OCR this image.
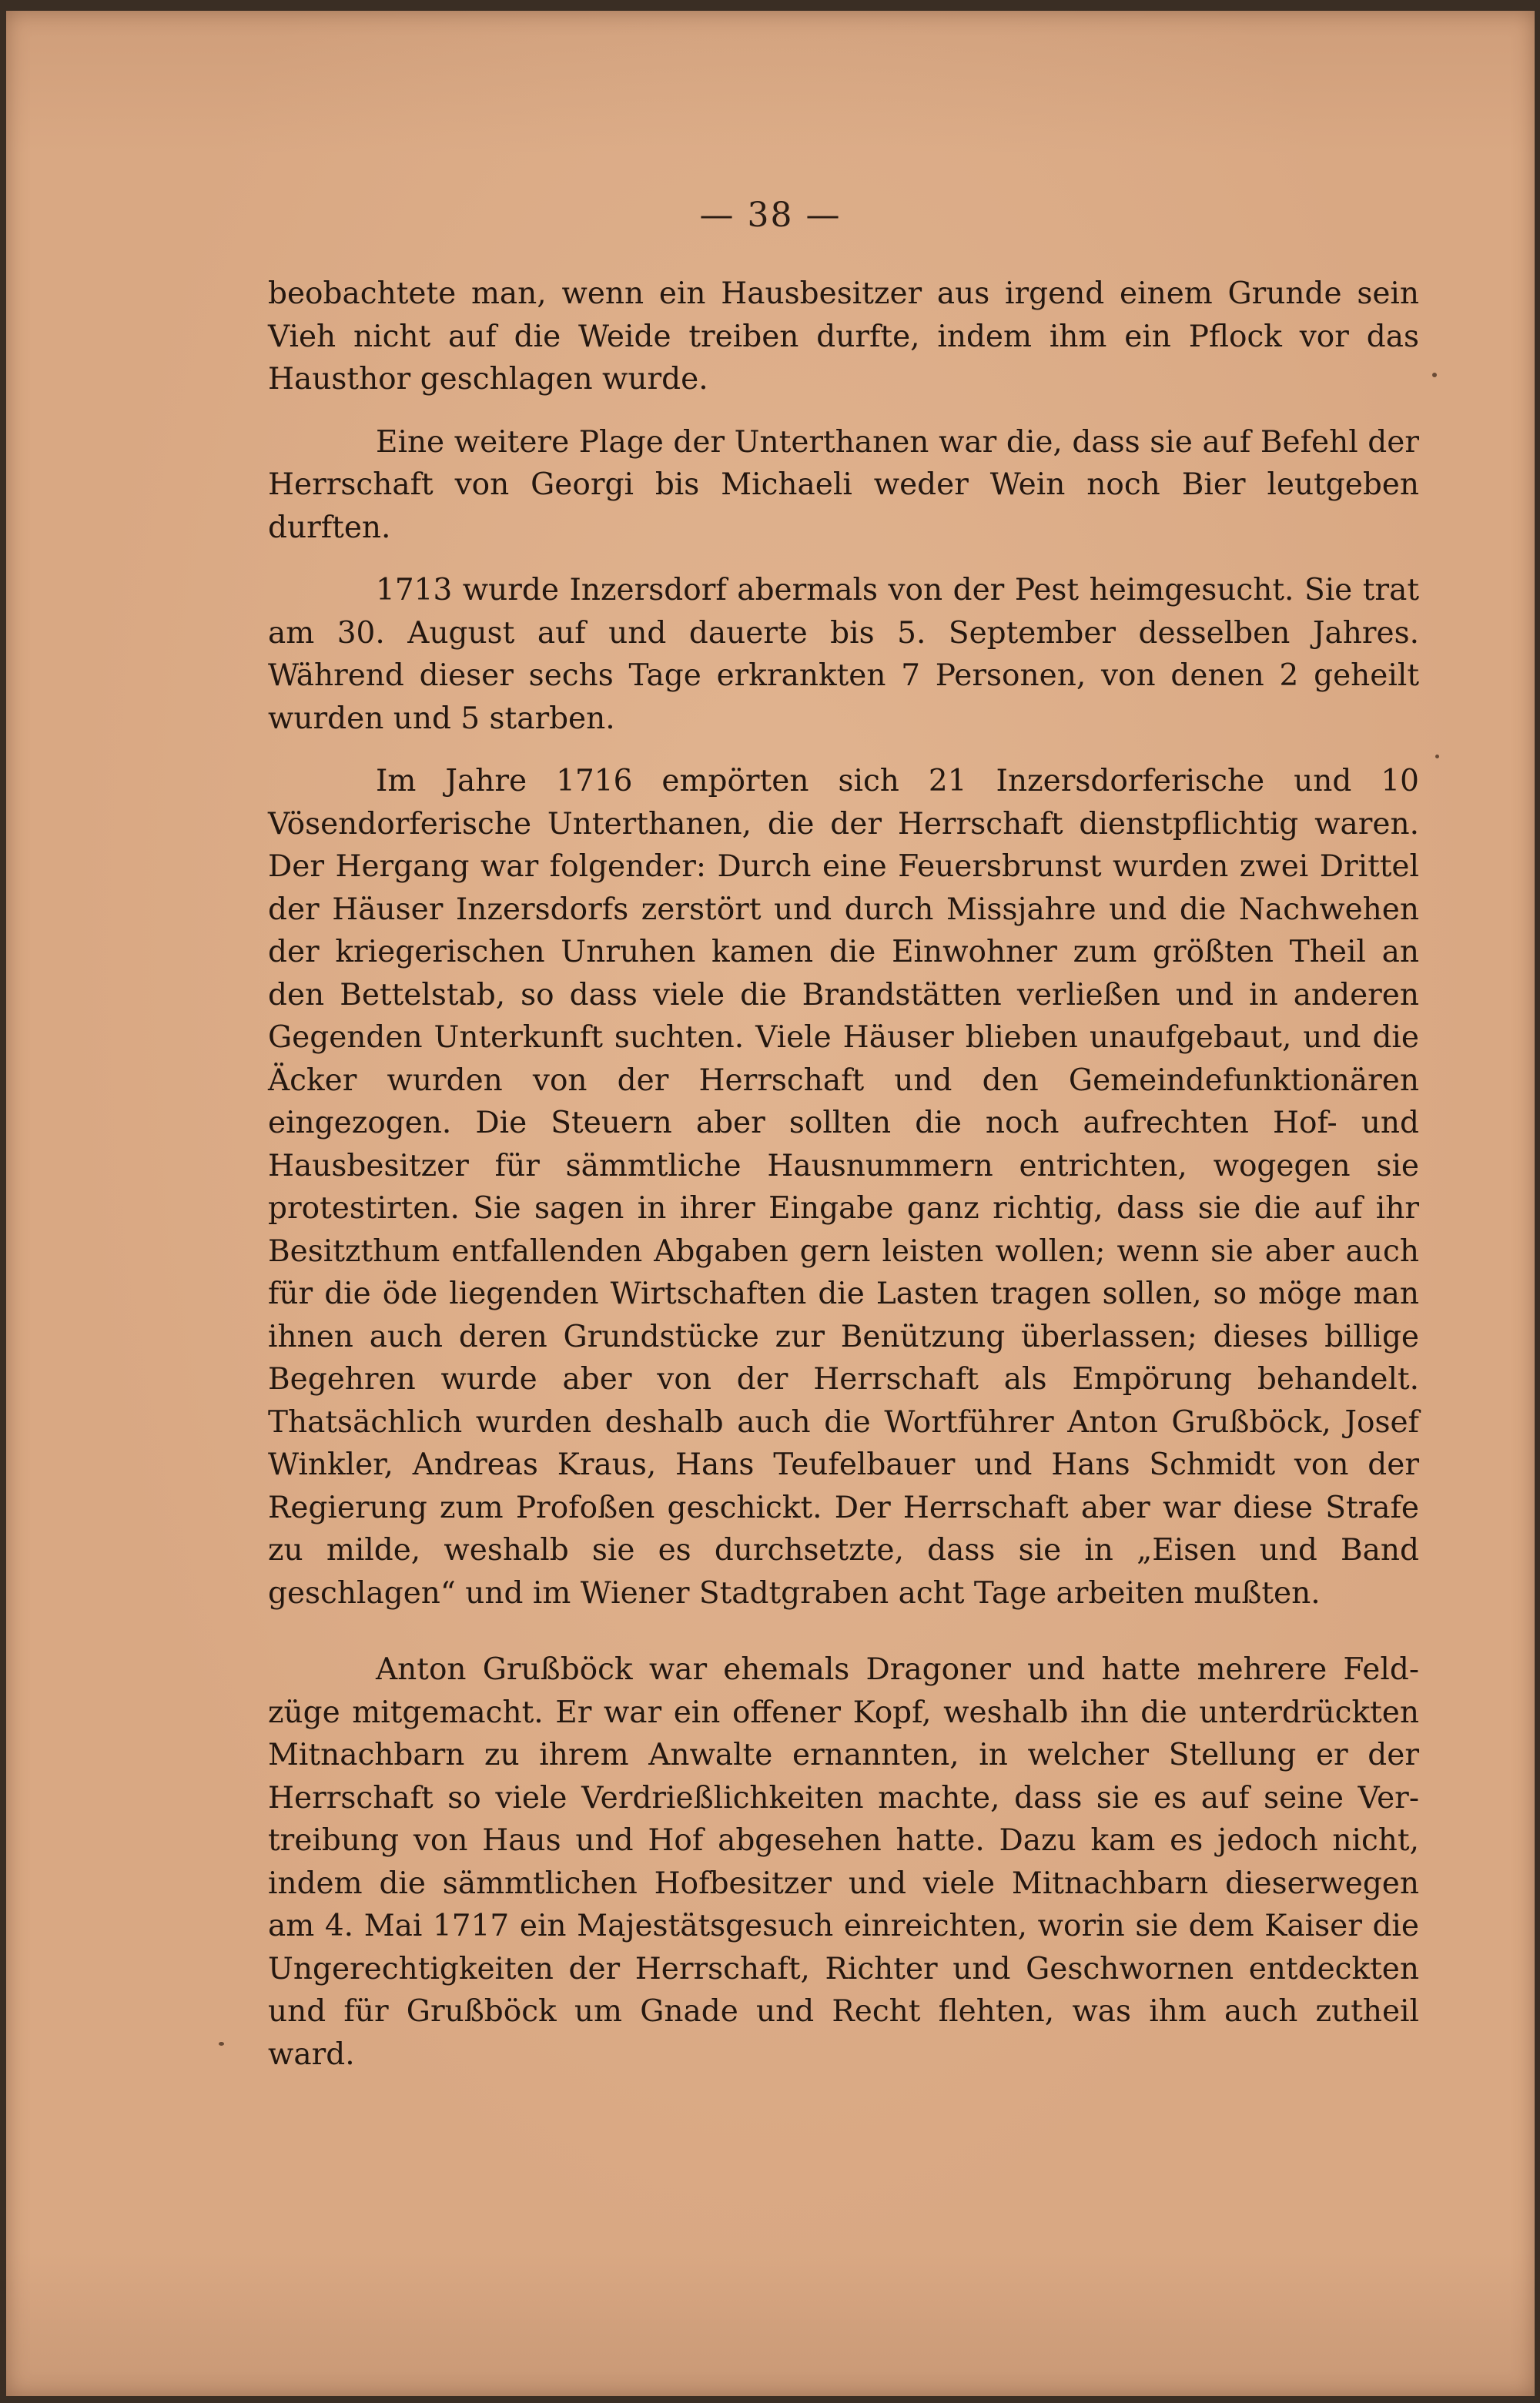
— 38 —

beobachtete man, wenn ein Hausbesitzer aus irgend einem Grunde sein Vieh nicht auf die Weide treiben durfte, indem ihm ein Pflock vor das Hausthor geschlagen wurde.

Eine weitere Plage der Unterthanen war die, dass sie auf Befehl der Herrschaft von Georgi bis Michaeli weder Wein noch Bier leutgeben durften.

1713 wurde Inzersdorf abermals von der Pest heimgesucht. Sie trat am 30. August auf und dauerte bis 5. September desselben Jahres. Während dieser sechs Tage erkrankten 7 Personen, von denen 2 geheilt wurden und 5 starben.

Im Jahre 1716 empörten sich 21 Inzersdorferische und 10 Vösendorferische Unterthanen, die der Herrschaft dienstpflichtig waren. Der Hergang war folgender: Durch eine Feuersbrunst wurden zwei Drittel der Häuser Inzersdorfs zerstört und durch Missjahre und die Nachwehen der kriegerischen Unruhen kamen die Einwohner zum größten Theil an den Bettelstab, so dass viele die Brandstätten verließen und in anderen Gegenden Unterkunft suchten. Viele Häuser blieben unaufgebaut, und die Äcker wurden von der Herrschaft und den Gemeindefunktionären eingezogen. Die Steuern aber sollten die noch aufrechten Hof- und Hausbesitzer für sämmtliche Hausnummern entrichten, wogegen sie protestirten. Sie sagen in ihrer Eingabe ganz richtig, dass sie die auf ihr Besitzthum entfallenden Abgaben gern leisten wollen; wenn sie aber auch für die öde liegenden Wirtschaften die Lasten tragen sollen, so möge man ihnen auch deren Grundstücke zur Benützung überlassen; dieses billige Begehren wurde aber von der Herrschaft als Empörung behandelt. Thatsächlich wurden deshalb auch die Wortführer Anton Grußböck, Josef Winkler, Andreas Kraus, Hans Teufelbauer und Hans Schmidt von der Regierung zum Profoßen geschickt. Der Herrschaft aber war diese Strafe zu milde, weshalb sie es durchsetzte, dass sie in „Eisen und Band geschlagen“ und im Wiener Stadtgraben acht Tage arbeiten mußten.

Anton Grußböck war ehemals Dragoner und hatte mehrere Feldzüge mitgemacht. Er war ein offener Kopf, weshalb ihn die unterdrückten Mitnachbarn zu ihrem Anwalte ernannten, in welcher Stellung er der Herrschaft so viele Verdrießlichkeiten machte, dass sie es auf seine Vertreibung von Haus und Hof abgesehen hatte. Dazu kam es jedoch nicht, indem die sämmtlichen Hofbesitzer und viele Mitnachbarn dieserwegen am 4. Mai 1717 ein Majestätsgesuch einreichten, worin sie dem Kaiser die Ungerechtigkeiten der Herrschaft, Richter und Geschwornen entdeckten und für Grußböck um Gnade und Recht flehten, was ihm auch zutheil ward.
